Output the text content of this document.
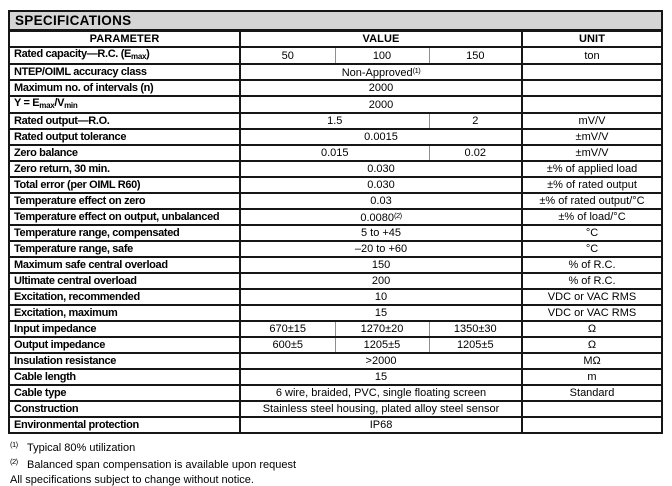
SPECIFICATIONS
PARAMETER	VALUE			UNIT
Rated capacity—R.C. $(E_{max})$	50	100	150	ton
NTEP/OIML accuracy class	Non-Approved$^{(1)}$	
Maximum no. of intervals (n)	2000			
$Y = E_{max}/V_{min}$	2000			
Rated output—R.O.	1.5		2	mV/V
Rated output tolerance	0.0015			±mV/V
Zero balance	0.015		0.02	±mV/V
Zero return, 30 min.	0.030			±% of applied load
Total error (per OIML R60)	0.030			±% of rated output
Temperature effect on zero	0.03			±% of rated output/°C
Temperature effect on output, unbalanced	0.0080$^{(2)}$			±% of load/°C
Temperature range, compensated	5 to +45			°C
Temperature range, safe	–20 to +60			°C
Maximum safe central overload	150			% of R.C.
Ultimate central overload	200			% of R.C.
Excitation, recommended	10			VDC or VAC RMS
Excitation, maximum	15			VDC or VAC RMS
Input impedance	670±15	1270±20	1350±30	Ω
Output impedance	600±5	1205±5	1205±5	Ω
Insulation resistance	>2000			MΩ
Cable length	15			m
Cable type	6 wire, braided, PVC, single floating screen			Standard
Construction	Stainless steel housing, plated alloy steel sensor			
Environmental protection	IP68			
(1) Typical 80% utilization
(2) Balanced span compensation is available upon request
All specifications subject to change without notice.
